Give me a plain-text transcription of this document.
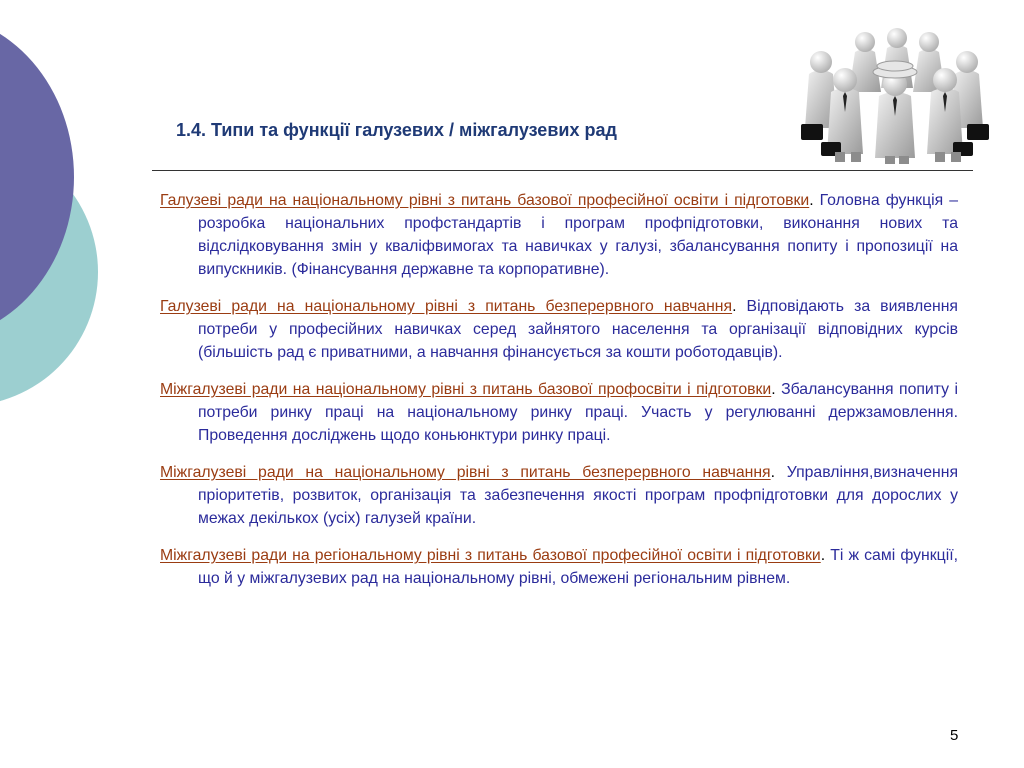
1.4. Типи та функції галузевих / міжгалузевих рад

Галузеві ради на національному рівні з питань базової професійної освіти і підготовки. Головна функція – розробка національних профстандартів і програм профпідготовки, виконання нових та відслідковування змін у кваліфвимогах та навичках у галузі, збалансування попиту і пропозиції на випускників. (Фінансування державне та корпоративне).

Галузеві ради на національному рівні з питань безперервного навчання. Відповідають за виявлення потреби у професійних навичках серед зайнятого населення та організації відповідних курсів (більшість рад є приватними, а навчання фінансується за кошти роботодавців).

Міжгалузеві ради на національному рівні з питань базової профосвіти і підготовки. Збалансування попиту і потреби ринку праці на національному ринку праці. Участь у регулюванні держзамовлення. Проведення досліджень щодо коньюнктури ринку праці.

Міжгалузеві ради на національному рівні з питань безперервного навчання. Управління,визначення пріоритетів, розвиток, організація та забезпечення якості програм профпідготовки для дорослих у межах декількох (усіх) галузей країни.

Міжгалузеві ради на регіональному рівні з питань базової професійної освіти і підготовки. Ті ж самі функції, що й у міжгалузевих рад на національному рівні, обмежені регіональним рівнем.

5
